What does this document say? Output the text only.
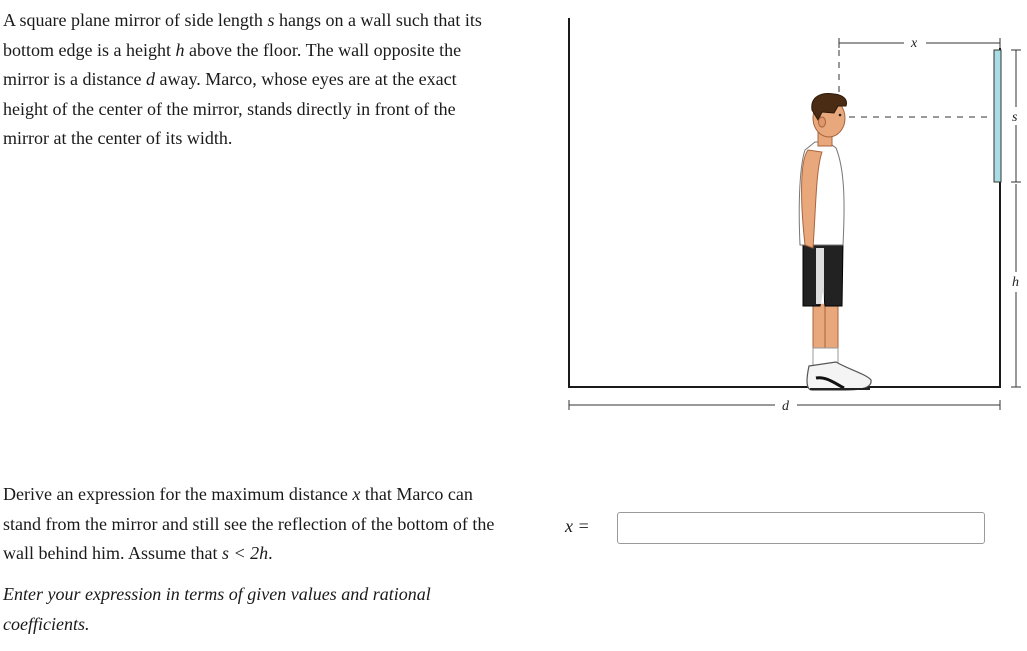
A square plane mirror of side length s hangs on a wall such that its bottom edge is a height h above the floor. The wall opposite the mirror is a distance d away. Marco, whose eyes are at the exact height of the center of the mirror, stands directly in front of the mirror at the center of its width.

Derive an expression for the maximum distance x that Marco can stand from the mirror and still see the reflection of the bottom of the wall behind him. Assume that s < 2h.

Enter your expression in terms of given values and rational coefficients.

x =
x
s
h
d
